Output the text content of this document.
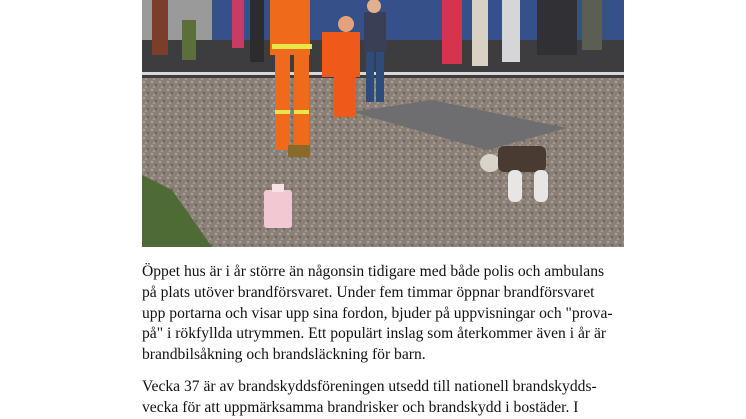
Öppet hus är i år större än någonsin tidigare med både polis och ambulans
på plats utöver brandförsvaret. Under fem timmar öppnar brandförsvaret
upp portarna och visar upp sina fordon, bjuder på uppvisningar och "prova-
på" i rökfyllda utrymmen. Ett populärt inslag som återkommer även i år är
brandbilsåkning och brandsläckning för barn.
Vecka 37 är av brandskyddsföreningen utsedd till nationell brandskydds-
vecka för att uppmärksamma brandrisker och brandskydd i bostäder. I
